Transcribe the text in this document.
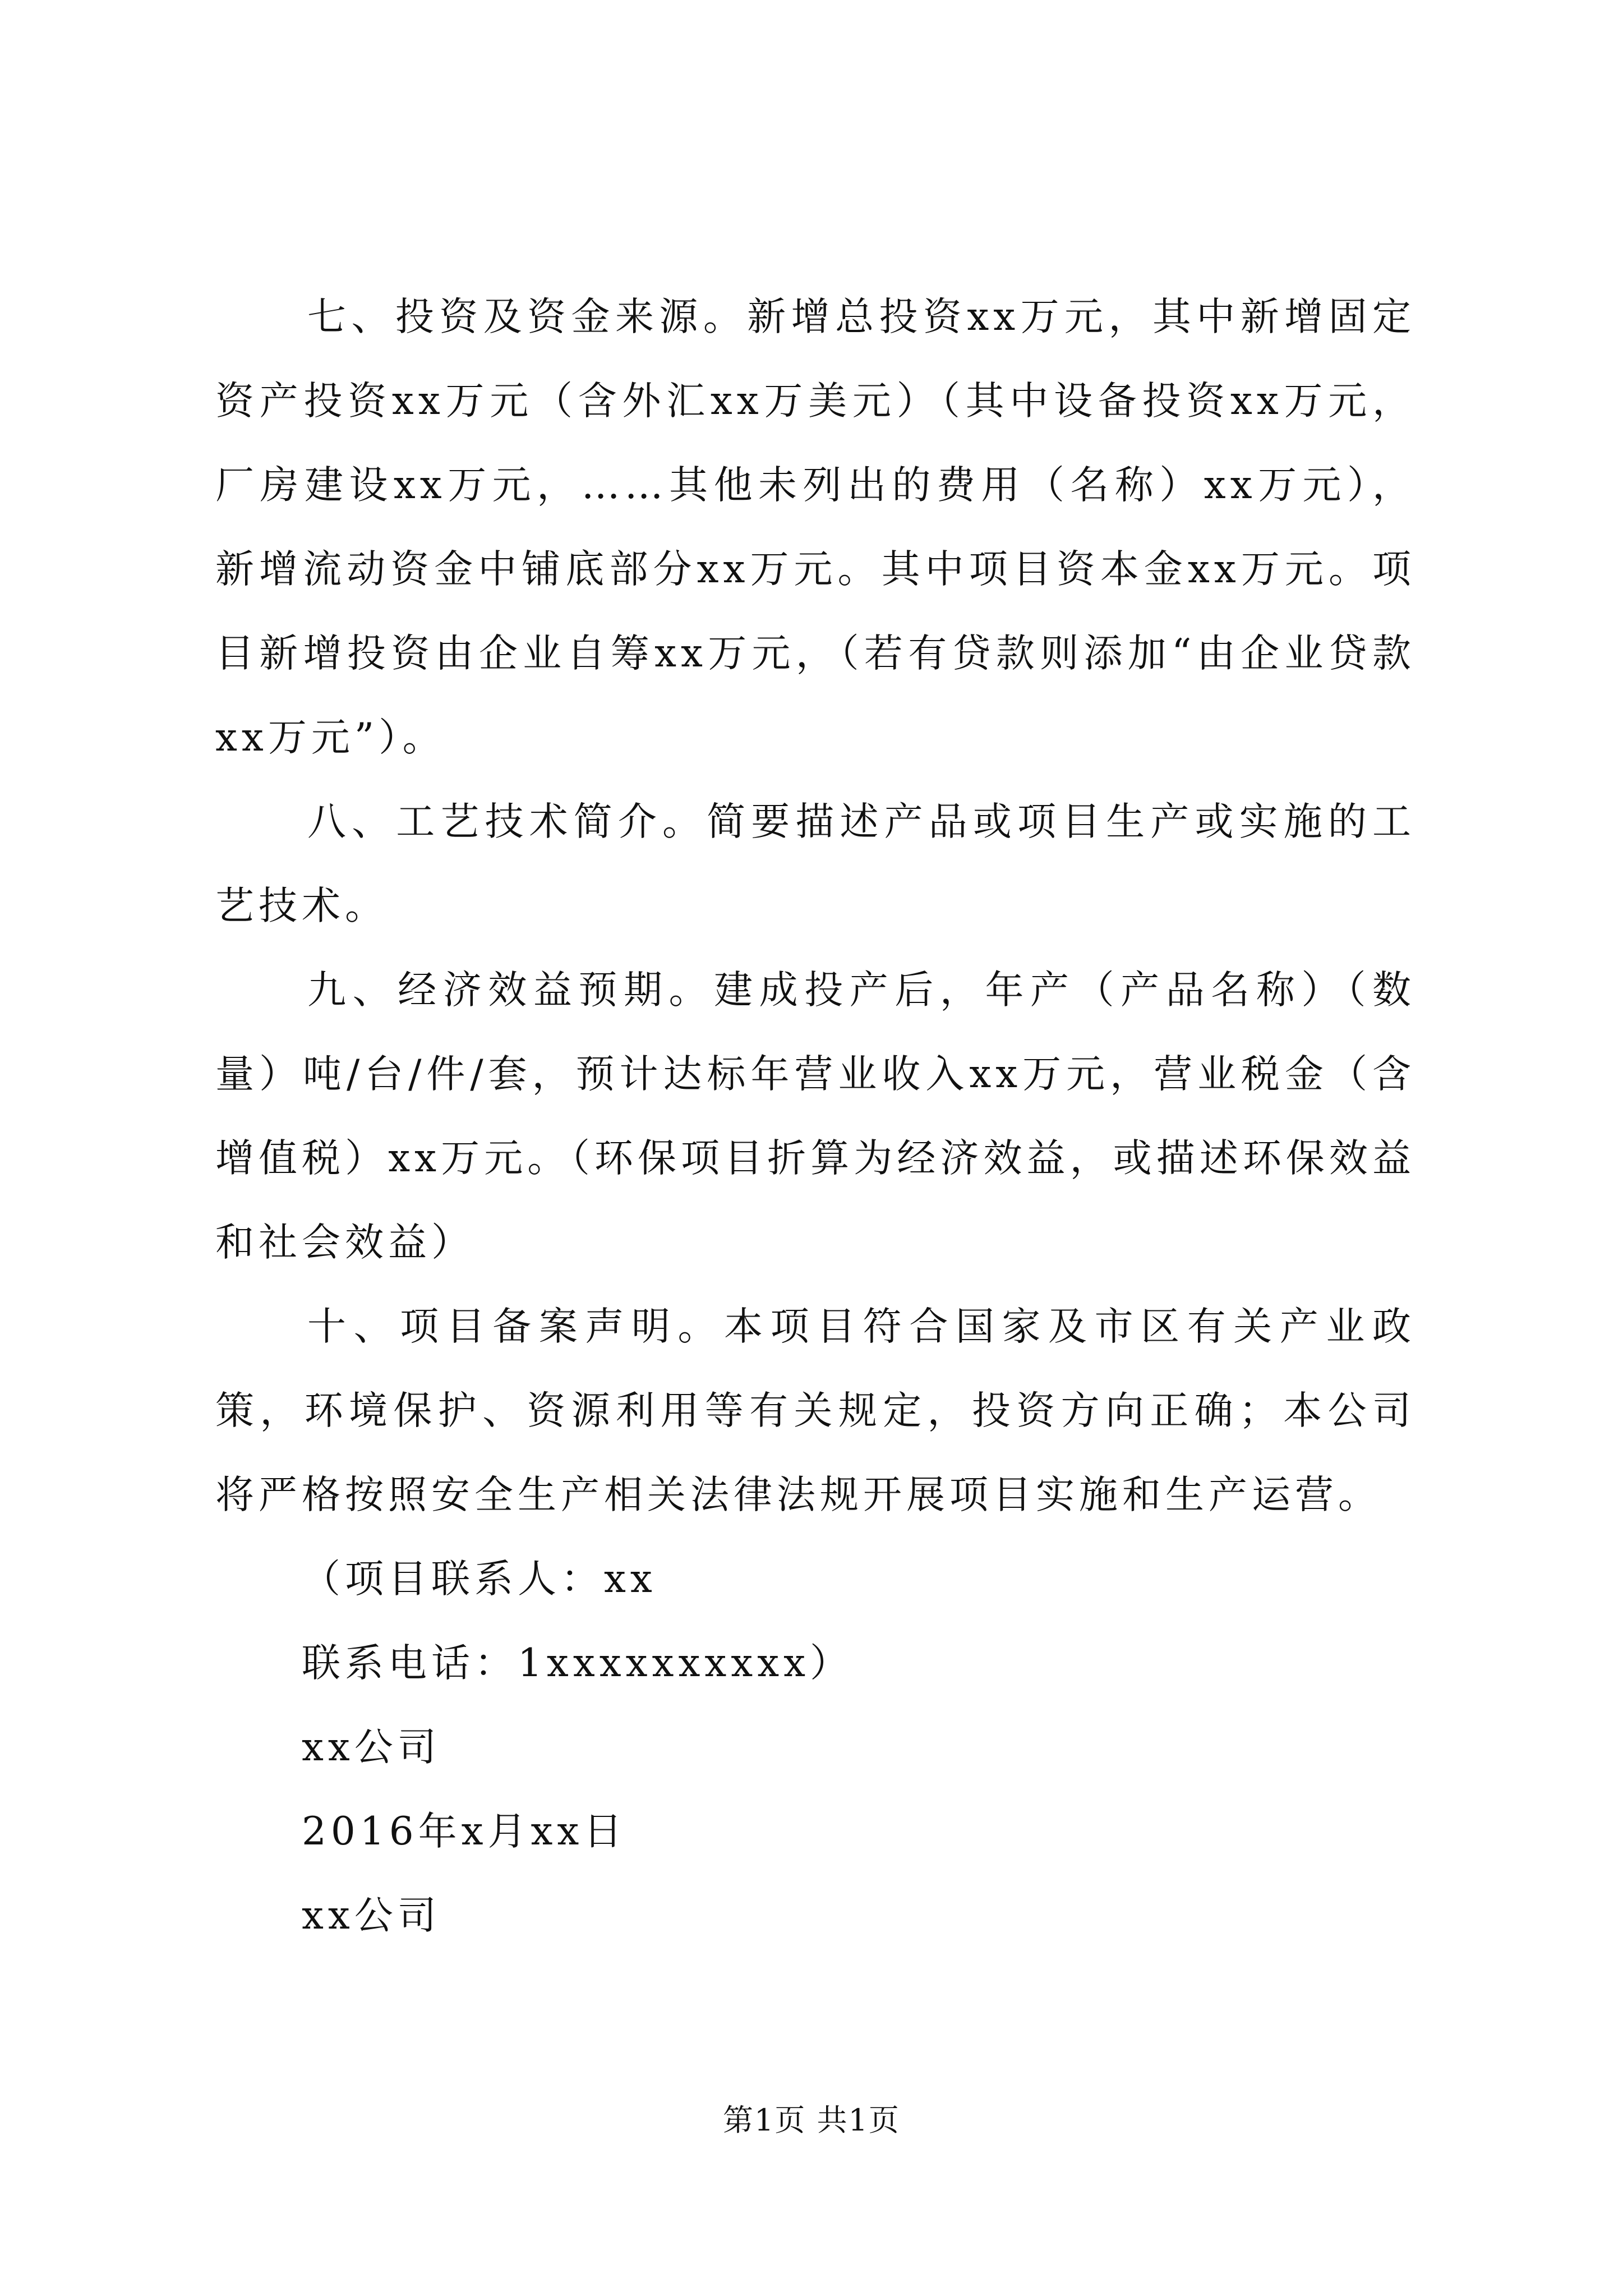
七、投资及资金来源。新增总投资xx万元，其中新增固定资产投资xx万元（含外汇xx万美元）（其中设备投资xx万元，厂房建设xx万元，……其他未列出的费用（名称）xx万元），新增流动资金中铺底部分xx万元。其中项目资本金xx万元。项目新增投资由企业自筹xx万元，（若有贷款则添加“由企业贷款xx万元”）。

八、工艺技术简介。简要描述产品或项目生产或实施的工艺技术。

九、经济效益预期。建成投产后，年产（产品名称）（数量）吨/台/件/套，预计达标年营业收入xx万元，营业税金（含增值税）xx万元。（环保项目折算为经济效益，或描述环保效益和社会效益）

十、项目备案声明。本项目符合国家及市区有关产业政策，环境保护、资源利用等有关规定，投资方向正确；本公司将严格按照安全生产相关法律法规开展项目实施和生产运营。

（项目联系人：xx

联系电话：1xxxxxxxxxx）

xx公司

2016年x月xx日

xx公司

第1页 共1页
